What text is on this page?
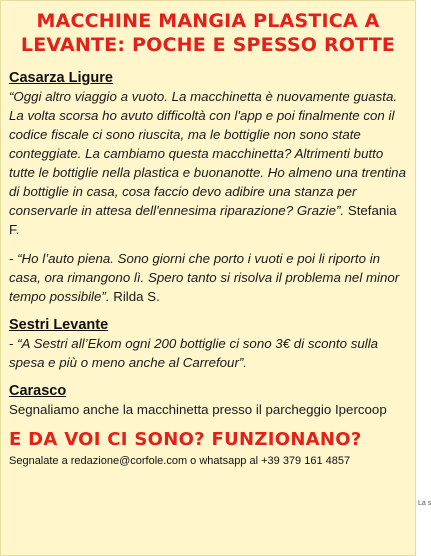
MACCHINE MANGIA PLASTICA A
LEVANTE: POCHE E SPESSO ROTTE
Casarza Ligure
“Oggi altro viaggio a vuoto. La macchinetta è nuovamente guasta. La volta scorsa ho avuto difficoltà con l'app e poi finalmente con il codice fiscale ci sono riuscita, ma le bottiglie non sono state conteggiate. La cambiamo questa macchinetta? Altrimenti butto tutte le bottiglie nella plastica e buonanotte. Ho almeno una trentina di bottiglie in casa, cosa faccio devo adibire una stanza per conservarle in attesa dell'ennesima riparazione? Grazie”. Stefania F.
- “Ho l’auto piena. Sono giorni che porto i vuoti e poi li riporto in casa, ora rimangono lì. Spero tanto si risolva il problema nel minor tempo possibile”. Rilda S.
Sestri Levante
- “A Sestri all’Ekom ogni 200 bottiglie ci sono 3€ di sconto sulla spesa e più o meno anche al Carrefour”.
Carasco
Segnaliamo anche la macchinetta presso il parcheggio Ipercoop
E DA VOI CI SONO? FUNZIONANO?
Segnalate a redazione@corfole.com o whatsapp al +39 379 161 4857
La s
